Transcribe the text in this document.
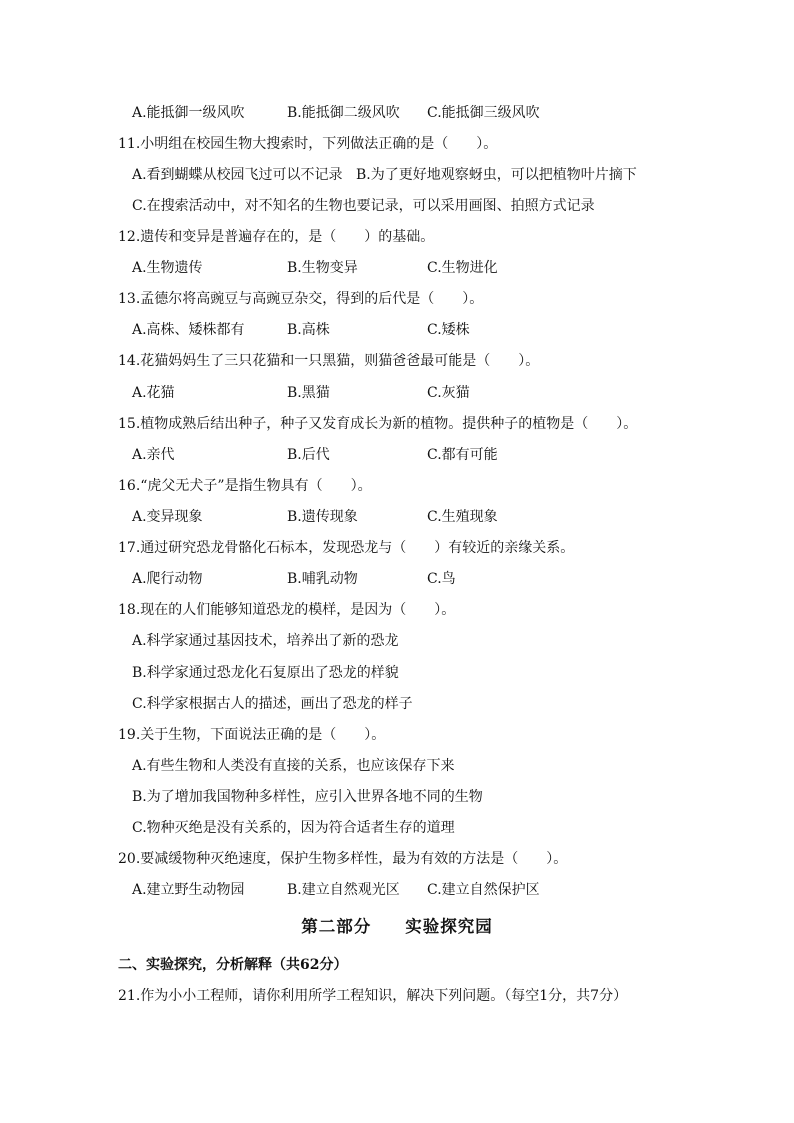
A.能抵御一级风吹	B.能抵御二级风吹 C.能抵御三级风吹
11.小明组在校园生物大搜索时，下列做法正确的是（　　）。
A.看到蝴蝶从校园飞过可以不记录 B.为了更好地观察蚜虫，可以把植物叶片摘下
C.在搜索活动中，对不知名的生物也要记录，可以采用画图、拍照方式记录
12.遗传和变异是普遍存在的，是（　　）的基础。
A.生物遗传	B.生物变异	C.生物进化
13.孟德尔将高豌豆与高豌豆杂交，得到的后代是（　　）。
A.高株、矮株都有	B.高株	C.矮株
14.花猫妈妈生了三只花猫和一只黑猫，则猫爸爸最可能是（　　）。
A.花猫	B.黑猫	C.灰猫
15.植物成熟后结出种子，种子又发育成长为新的植物。提供种子的植物是（　　）。
A.亲代	B.后代	C.都有可能
16.“虎父无犬子”是指生物具有（　　）。
A.变异现象	B.遗传现象	C.生殖现象
17.通过研究恐龙骨骼化石标本，发现恐龙与（　　）有较近的亲缘关系。
A.爬行动物	B.哺乳动物	C.鸟
18.现在的人们能够知道恐龙的模样，是因为（　　）。
A.科学家通过基因技术，培养出了新的恐龙
B.科学家通过恐龙化石复原出了恐龙的样貌
C.科学家根据古人的描述，画出了恐龙的样子
19.关于生物，下面说法正确的是（　　）。
A.有些生物和人类没有直接的关系，也应该保存下来
B.为了增加我国物种多样性，应引入世界各地不同的生物
C.物种灭绝是没有关系的，因为符合适者生存的道理
20.要减缓物种灭绝速度，保护生物多样性，最为有效的方法是（　　）。
A.建立野生动物园	B.建立自然观光区 C.建立自然保护区
第二部分 实验探究园
二、实验探究，分析解释（共62分）
21.作为小小工程师，请你利用所学工程知识，解决下列问题。（每空1分，共7分）
